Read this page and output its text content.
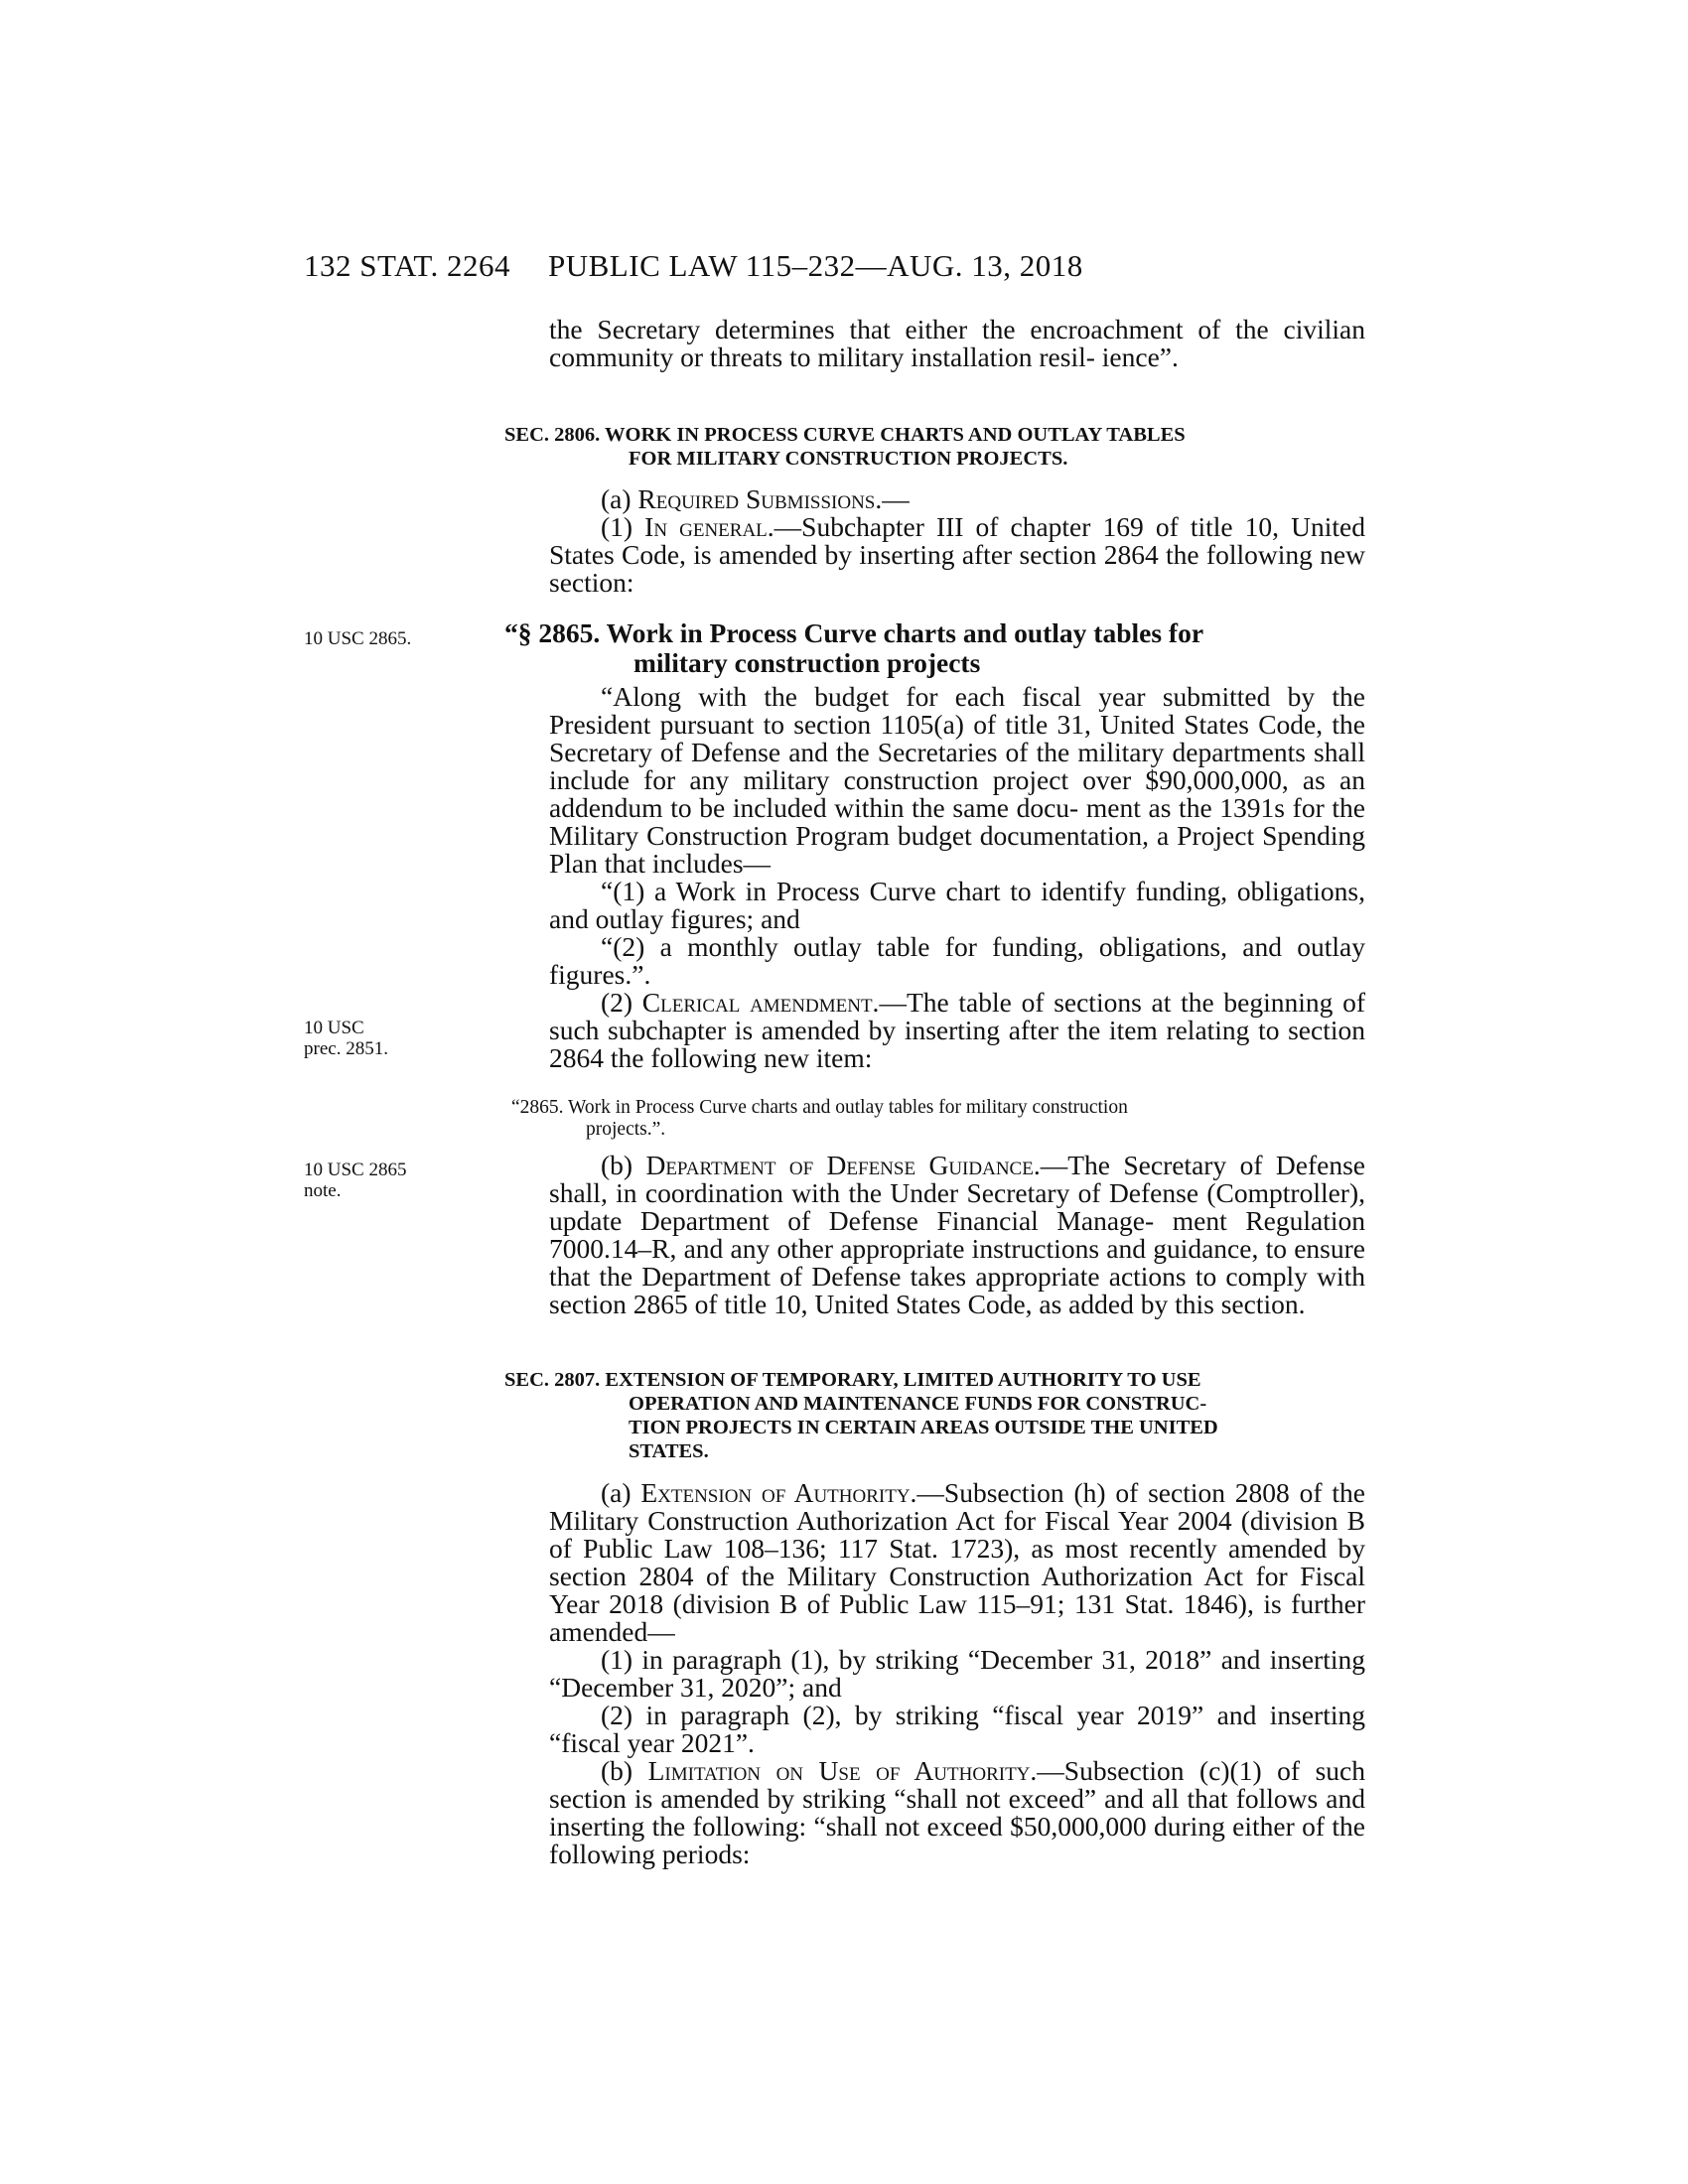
132 STAT. 2264 PUBLIC LAW 115–232—AUG. 13, 2018

the Secretary determines that either the encroachment of the civilian community or threats to military installation resil- ience”.

SEC. 2806. WORK IN PROCESS CURVE CHARTS AND OUTLAY TABLES
FOR MILITARY CONSTRUCTION PROJECTS.

(a) Required Submissions.—

(1) In general.—Subchapter III of chapter 169 of title 10, United States Code, is amended by inserting after section 2864 the following new section:

10 USC 2865.	“§ 2865. Work in Process Curve charts and outlay tables for
military construction projects

“Along with the budget for each fiscal year submitted by the President pursuant to section 1105(a) of title 31, United States Code, the Secretary of Defense and the Secretaries of the military departments shall include for any military construction project over $90,000,000, as an addendum to be included within the same docu- ment as the 1391s for the Military Construction Program budget documentation, a Project Spending Plan that includes—

“(1) a Work in Process Curve chart to identify funding, obligations, and outlay figures; and

“(2) a monthly outlay table for funding, obligations, and outlay figures.”.

(2) Clerical amendment.—The table of sections at the beginning of such subchapter is amended by inserting after the item relating to section 2864 the following new item:

10 USC
prec. 2851.
“2865. Work in Process Curve charts and outlay tables for military construction
projects.”.
10 USC 2865
note.

(b) Department of Defense Guidance.—The Secretary of Defense shall, in coordination with the Under Secretary of Defense (Comptroller), update Department of Defense Financial Manage- ment Regulation 7000.14–R, and any other appropriate instructions and guidance, to ensure that the Department of Defense takes appropriate actions to comply with section 2865 of title 10, United States Code, as added by this section.

SEC. 2807. EXTENSION OF TEMPORARY, LIMITED AUTHORITY TO USE
OPERATION AND MAINTENANCE FUNDS FOR CONSTRUC-
TION PROJECTS IN CERTAIN AREAS OUTSIDE THE UNITED
STATES.

(a) Extension of Authority.—Subsection (h) of section 2808 of the Military Construction Authorization Act for Fiscal Year 2004 (division B of Public Law 108–136; 117 Stat. 1723), as most recently amended by section 2804 of the Military Construction Authorization Act for Fiscal Year 2018 (division B of Public Law 115–91; 131 Stat. 1846), is further amended—

(1) in paragraph (1), by striking “December 31, 2018” and inserting “December 31, 2020”; and

(2) in paragraph (2), by striking “fiscal year 2019” and inserting “fiscal year 2021”.

(b) Limitation on Use of Authority.—Subsection (c)(1) of such section is amended by striking “shall not exceed” and all that follows and inserting the following: “shall not exceed $50,000,000 during either of the following periods:
